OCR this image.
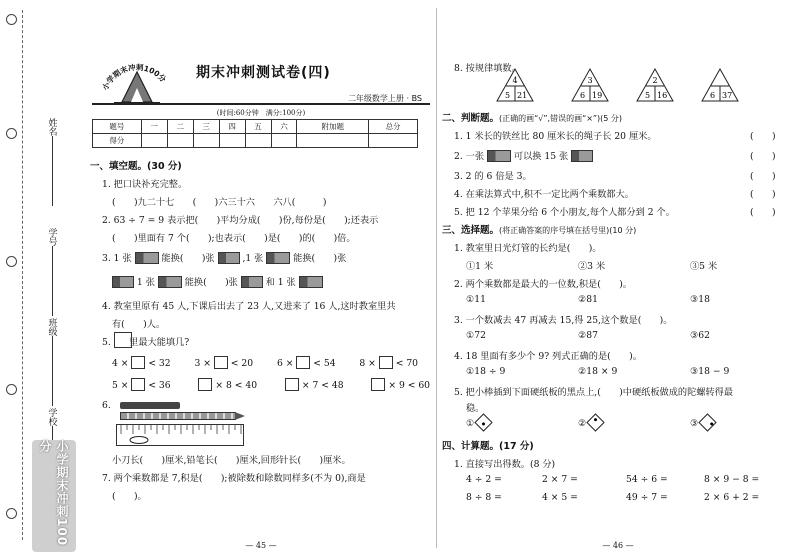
姓名
学号
班级
学校
小学期末冲刺100分
小学期末冲刺100分 期末冲刺测试卷(四)
二年级数学上册 · BS
(时间:60分钟　满分:100分)
题号	一	二	三	四	五	六	附加题	总分
得分								
一、填空题。(30 分)
1. 把口诀补充完整。
(　　)九二十七　　(　　)六三十六　　六八(　　　)
2. 63 ÷ 7 = 9 表示把(　　)平均分成(　　)份,每份是(　　);还表示
(　　)里面有 7 个(　　);也表示(　　)是(　　)的(　　)倍。
3. 1 张	能换(　　)张	,1 张	能换(　　)张
1 张	能换(　　)张	和 1 张
4. 教室里原有 45 人,下课后出去了 23 人,又进来了 16 人,这时教室里共
有(　　)人。
5.　　里最大能填几?
4 × < 32	3 × < 20	6 × < 54	8 × < 70
5 × < 36	× 8 < 40	× 7 < 48	× 9 < 60
6.
小刀长(　　)厘米,铅笔长(　　)厘米,回形针长(　　)厘米。
7. 两个乘数都是 7,积是(　　);被除数和除数同样多(不为 0),商是
(　　)。
— 45 —
8. 按规律填数。
4
5 21
3
6 19
2
5 16	6 37
二、判断题。(正确的画“√”,错误的画“×”)(5 分)
1. 1 米长的铁丝比 80 厘米长的绳子长 20 厘米。	(　　)
2. 一张	可以换 15 张	(　　)
3. 2 的 6 倍是 3。	(　　)
4. 在乘法算式中,积不一定比两个乘数都大。	(　　)
5. 把 12 个苹果分给 6 个小朋友,每个人都分到 2 个。	(　　)
三、选择题。(将正确答案的序号填在括号里)(10 分)
1. 教室里日光灯管的长约是(　　)。
①1 米	②3 米	③5 米
2. 两个乘数都是最大的一位数,积是(　　)。
①11	②81	③18
3. 一个数减去 47 再减去 15,得 25,这个数是(　　)。
①72	②87	③62
4. 18 里面有多少个 9? 列式正确的是(　　)。
①18 ÷ 9	②18 × 9	③18 − 9
5. 把小棒插到下面硬纸板的黑点上,(　　)中硬纸板做成的陀螺转得最
稳。
①	②	③
四、计算题。(17 分)
1. 直接写出得数。(8 分)
4 ÷ 2 =	2 × 7 =	54 ÷ 6 =	8 × 9 − 8 =
8 ÷ 8 =	4 × 5 =	49 ÷ 7 =	2 × 6 + 2 =
— 46 —
